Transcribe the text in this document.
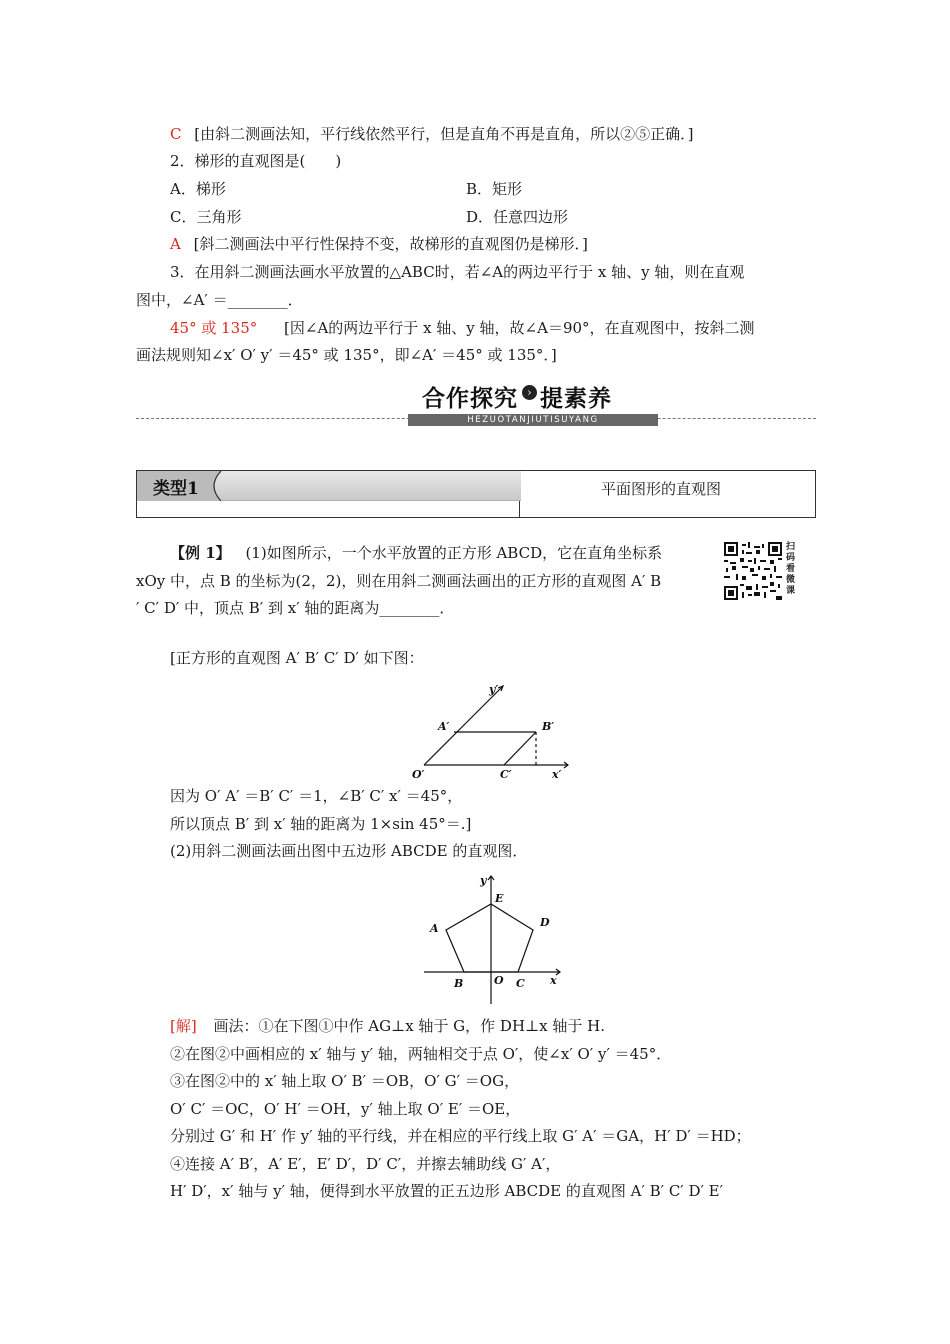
C [由斜二测画法知，平行线依然平行，但是直角不再是直角，所以②⑤正确．]
2．梯形的直观图是(　　)
A．梯形	B．矩形
C．三角形	D．任意四边形
A [斜二测画法中平行性保持不变，故梯形的直观图仍是梯形．]
3．在用斜二测画法画水平放置的△ABC时，若∠A的两边平行于 x 轴、y 轴，则在直观
图中，∠A′ ＝________．
45° 或 135° [因∠A的两边平行于 x 轴、y 轴，故∠A＝90°，在直观图中，按斜二测
画法规则知∠x′ O′ y′ ＝45° 或 135°，即∠A′ ＝45° 或 135°．]
合作探究 › 提素养
HEZUOTANJIUTISUYANG
类型1	平面图形的直观图
【例 1】 (1)如图所示，一个水平放置的正方形 ABCD，它在直角坐标系
xOy 中，点 B 的坐标为(2，2)，则在用斜二测画法画出的正方形的直观图 A′ B
′ C′ D′ 中，顶点 B′ 到 x′ 轴的距离为________．
扫码看微课
[正方形的直观图 A′ B′ C′ D′ 如下图：
y′
A′	B′
O′	C′	x′
因为 O′ A′ ＝B′ C′ ＝1，∠B′ C′ x′ ＝45°，
所以顶点 B′ 到 x′ 轴的距离为 1×sin 45°＝.]
(2)用斜二测画法画出图中五边形 ABCDE 的直观图．
y
E
A	D
B	O C x
[解] 画法：①在下图①中作 AG⊥x 轴于 G，作 DH⊥x 轴于 H.
②在图②中画相应的 x′ 轴与 y′ 轴，两轴相交于点 O′，使∠x′ O′ y′ ＝45°．
③在图②中的 x′ 轴上取 O′ B′ ＝OB，O′ G′ ＝OG，
O′ C′ ＝OC，O′ H′ ＝OH，y′ 轴上取 O′ E′ ＝OE，
分别过 G′ 和 H′ 作 y′ 轴的平行线，并在相应的平行线上取 G′ A′ ＝GA，H′ D′ ＝HD；
④连接 A′ B′，A′ E′，E′ D′，D′ C′，并擦去辅助线 G′ A′，
H′ D′，x′ 轴与 y′ 轴，便得到水平放置的正五边形 ABCDE 的直观图 A′ B′ C′ D′ E′
